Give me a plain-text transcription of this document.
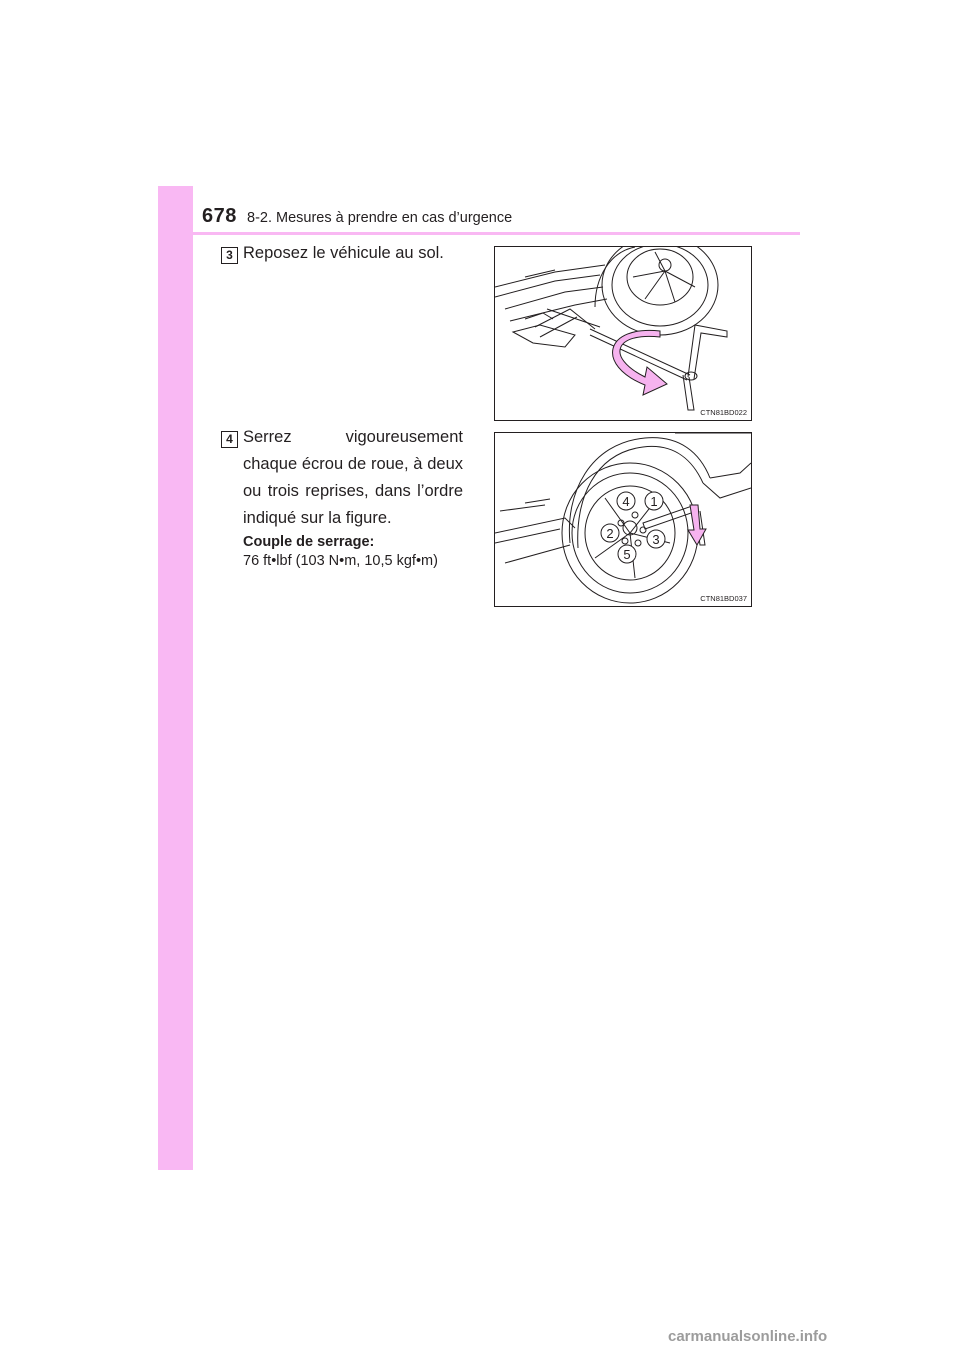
678 8-2. Mesures à prendre en cas d’urgence
3 Reposez le véhicule au sol.
CTN81BD022
4 Serrez vigoureusement chaque écrou de roue, à deux ou trois reprises, dans l’ordre indiqué sur la figure.
Couple de serrage:
76 ft•lbf (103 N•m, 10,5 kgf•m)
1
2	3
4
5
CTN81BD037
carmanualsonline.info
